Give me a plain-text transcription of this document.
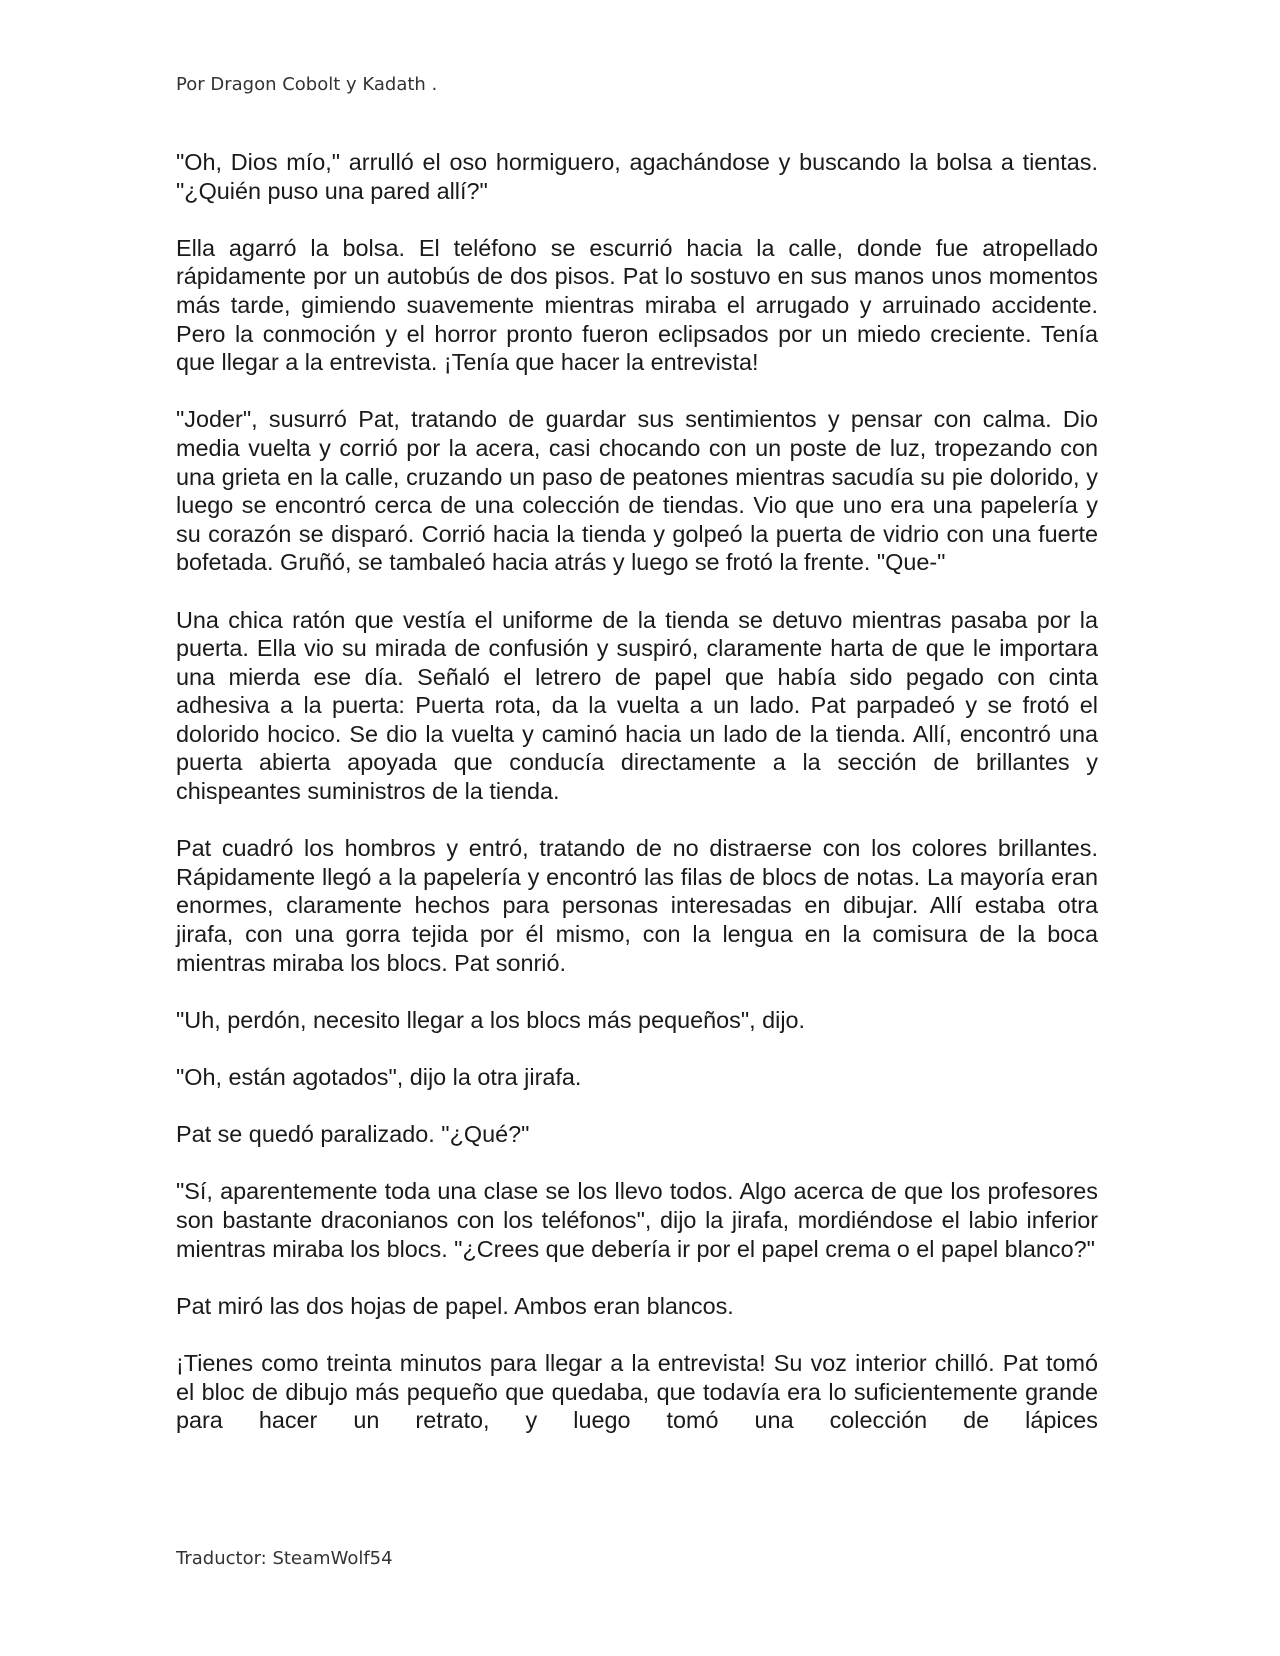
Por Dragon Cobolt y Kadath .

"Oh, Dios mío," arrulló el oso hormiguero, agachándose y buscando la bolsa a tientas. "¿Quién puso una pared allí?"

Ella agarró la bolsa. El teléfono se escurrió hacia la calle, donde fue atropellado rápidamente por un autobús de dos pisos. Pat lo sostuvo en sus manos unos momentos más tarde, gimiendo suavemente mientras miraba el arrugado y arruinado accidente. Pero la conmoción y el horror pronto fueron eclipsados por un miedo creciente. Tenía que llegar a la entrevista. ¡Tenía que hacer la entrevista!

"Joder", susurró Pat, tratando de guardar sus sentimientos y pensar con calma. Dio media vuelta y corrió por la acera, casi chocando con un poste de luz, tropezando con una grieta en la calle, cruzando un paso de peatones mientras sacudía su pie dolorido, y luego se encontró cerca de una colección de tiendas. Vio que uno era una papelería y su corazón se disparó. Corrió hacia la tienda y golpeó la puerta de vidrio con una fuerte bofetada. Gruñó, se tambaleó hacia atrás y luego se frotó la frente. "Que-"

Una chica ratón que vestía el uniforme de la tienda se detuvo mientras pasaba por la puerta. Ella vio su mirada de confusión y suspiró, claramente harta de que le importara una mierda ese día. Señaló el letrero de papel que había sido pegado con cinta adhesiva a la puerta: Puerta rota, da la vuelta a un lado. Pat parpadeó y se frotó el dolorido hocico. Se dio la vuelta y caminó hacia un lado de la tienda. Allí, encontró una puerta abierta apoyada que conducía directamente a la sección de brillantes y chispeantes suministros de la tienda.

Pat cuadró los hombros y entró, tratando de no distraerse con los colores brillantes. Rápidamente llegó a la papelería y encontró las filas de blocs de notas. La mayoría eran enormes, claramente hechos para personas interesadas en dibujar. Allí estaba otra jirafa, con una gorra tejida por él mismo, con la lengua en la comisura de la boca mientras miraba los blocs. Pat sonrió.

"Uh, perdón, necesito llegar a los blocs más pequeños", dijo.

"Oh, están agotados", dijo la otra jirafa.

Pat se quedó paralizado. "¿Qué?"

"Sí, aparentemente toda una clase se los llevo todos. Algo acerca de que los profesores son bastante draconianos con los teléfonos", dijo la jirafa, mordiéndose el labio inferior mientras miraba los blocs. "¿Crees que debería ir por el papel crema o el papel blanco?"

Pat miró las dos hojas de papel. Ambos eran blancos.

¡Tienes como treinta minutos para llegar a la entrevista! Su voz interior chilló. Pat tomó el bloc de dibujo más pequeño que quedaba, que todavía era lo suficientemente grande para hacer un retrato, y luego tomó una colección de lápices

Traductor: SteamWolf54
